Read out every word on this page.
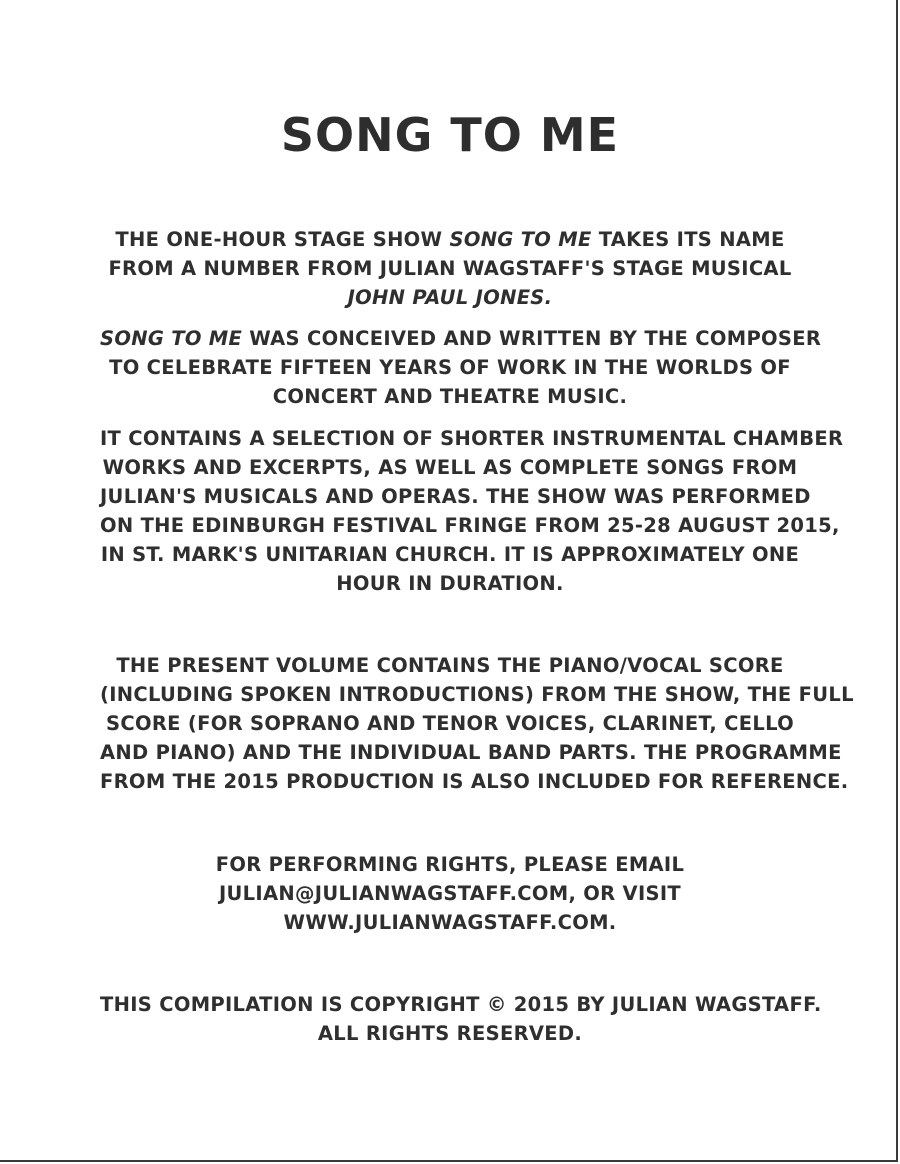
SONG TO ME

THE ONE-HOUR STAGE SHOW SONG TO ME TAKES ITS NAME
FROM A NUMBER FROM JULIAN WAGSTAFF'S STAGE MUSICAL
JOHN PAUL JONES.

SONG TO ME WAS CONCEIVED AND WRITTEN BY THE COMPOSER
TO CELEBRATE FIFTEEN YEARS OF WORK IN THE WORLDS OF
CONCERT AND THEATRE MUSIC.

IT CONTAINS A SELECTION OF SHORTER INSTRUMENTAL CHAMBER
WORKS AND EXCERPTS, AS WELL AS COMPLETE SONGS FROM
JULIAN'S MUSICALS AND OPERAS. THE SHOW WAS PERFORMED
ON THE EDINBURGH FESTIVAL FRINGE FROM 25-28 AUGUST 2015,
IN ST. MARK'S UNITARIAN CHURCH. IT IS APPROXIMATELY ONE
HOUR IN DURATION.

THE PRESENT VOLUME CONTAINS THE PIANO/VOCAL SCORE
(INCLUDING SPOKEN INTRODUCTIONS) FROM THE SHOW, THE FULL
SCORE (FOR SOPRANO AND TENOR VOICES, CLARINET, CELLO
AND PIANO) AND THE INDIVIDUAL BAND PARTS. THE PROGRAMME
FROM THE 2015 PRODUCTION IS ALSO INCLUDED FOR REFERENCE.

FOR PERFORMING RIGHTS, PLEASE EMAIL
JULIAN@JULIANWAGSTAFF.COM, OR VISIT
WWW.JULIANWAGSTAFF.COM.

THIS COMPILATION IS COPYRIGHT © 2015 BY JULIAN WAGSTAFF.
ALL RIGHTS RESERVED.
